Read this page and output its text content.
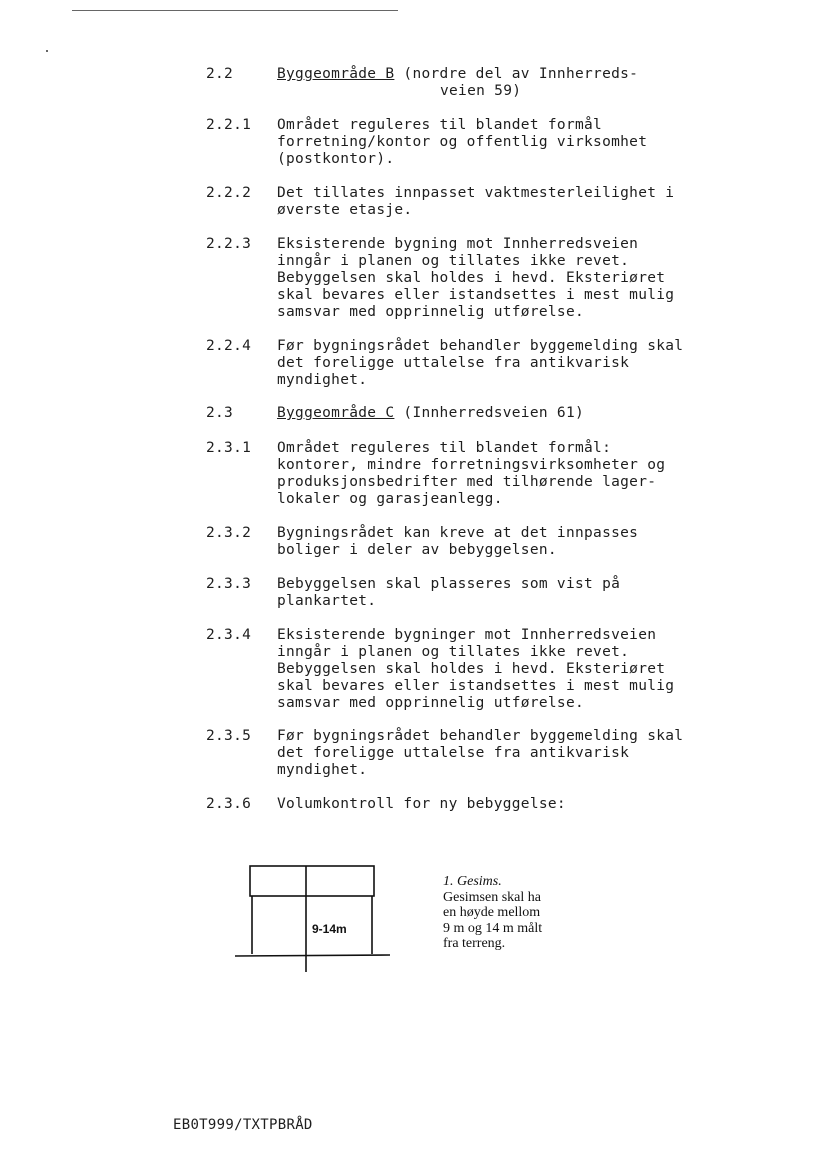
2.2	Byggeområde B (nordre del av Innherreds-
veien 59)
2.2.1 Området reguleres til blandet formål
forretning/kontor og offentlig virksomhet
(postkontor).
2.2.2 Det tillates innpasset vaktmesterleilighet i
øverste etasje.
2.2.3 Eksisterende bygning mot Innherredsveien
inngår i planen og tillates ikke revet.
Bebyggelsen skal holdes i hevd. Eksteriøret
skal bevares eller istandsettes i mest mulig
samsvar med opprinnelig utførelse.
2.2.4 Før bygningsrådet behandler byggemelding skal
det foreligge uttalelse fra antikvarisk
myndighet.
2.3	Byggeområde C (Innherredsveien 61)
2.3.1 Området reguleres til blandet formål:
kontorer, mindre forretningsvirksomheter og
produksjonsbedrifter med tilhørende lager-
lokaler og garasjeanlegg.
2.3.2 Bygningsrådet kan kreve at det innpasses
boliger i deler av bebyggelsen.
2.3.3 Bebyggelsen skal plasseres som vist på
plankartet.
2.3.4 Eksisterende bygninger mot Innherredsveien
inngår i planen og tillates ikke revet.
Bebyggelsen skal holdes i hevd. Eksteriøret
skal bevares eller istandsettes i mest mulig
samsvar med opprinnelig utførelse.
2.3.5 Før bygningsrådet behandler byggemelding skal
det foreligge uttalelse fra antikvarisk
myndighet.
2.3.6 Volumkontroll for ny bebyggelse:
9-14m
1. Gesims.
Gesimsen skal ha
en høyde mellom
9 m og 14 m målt
fra terreng.
EB0T999/TXTPBRÅD
